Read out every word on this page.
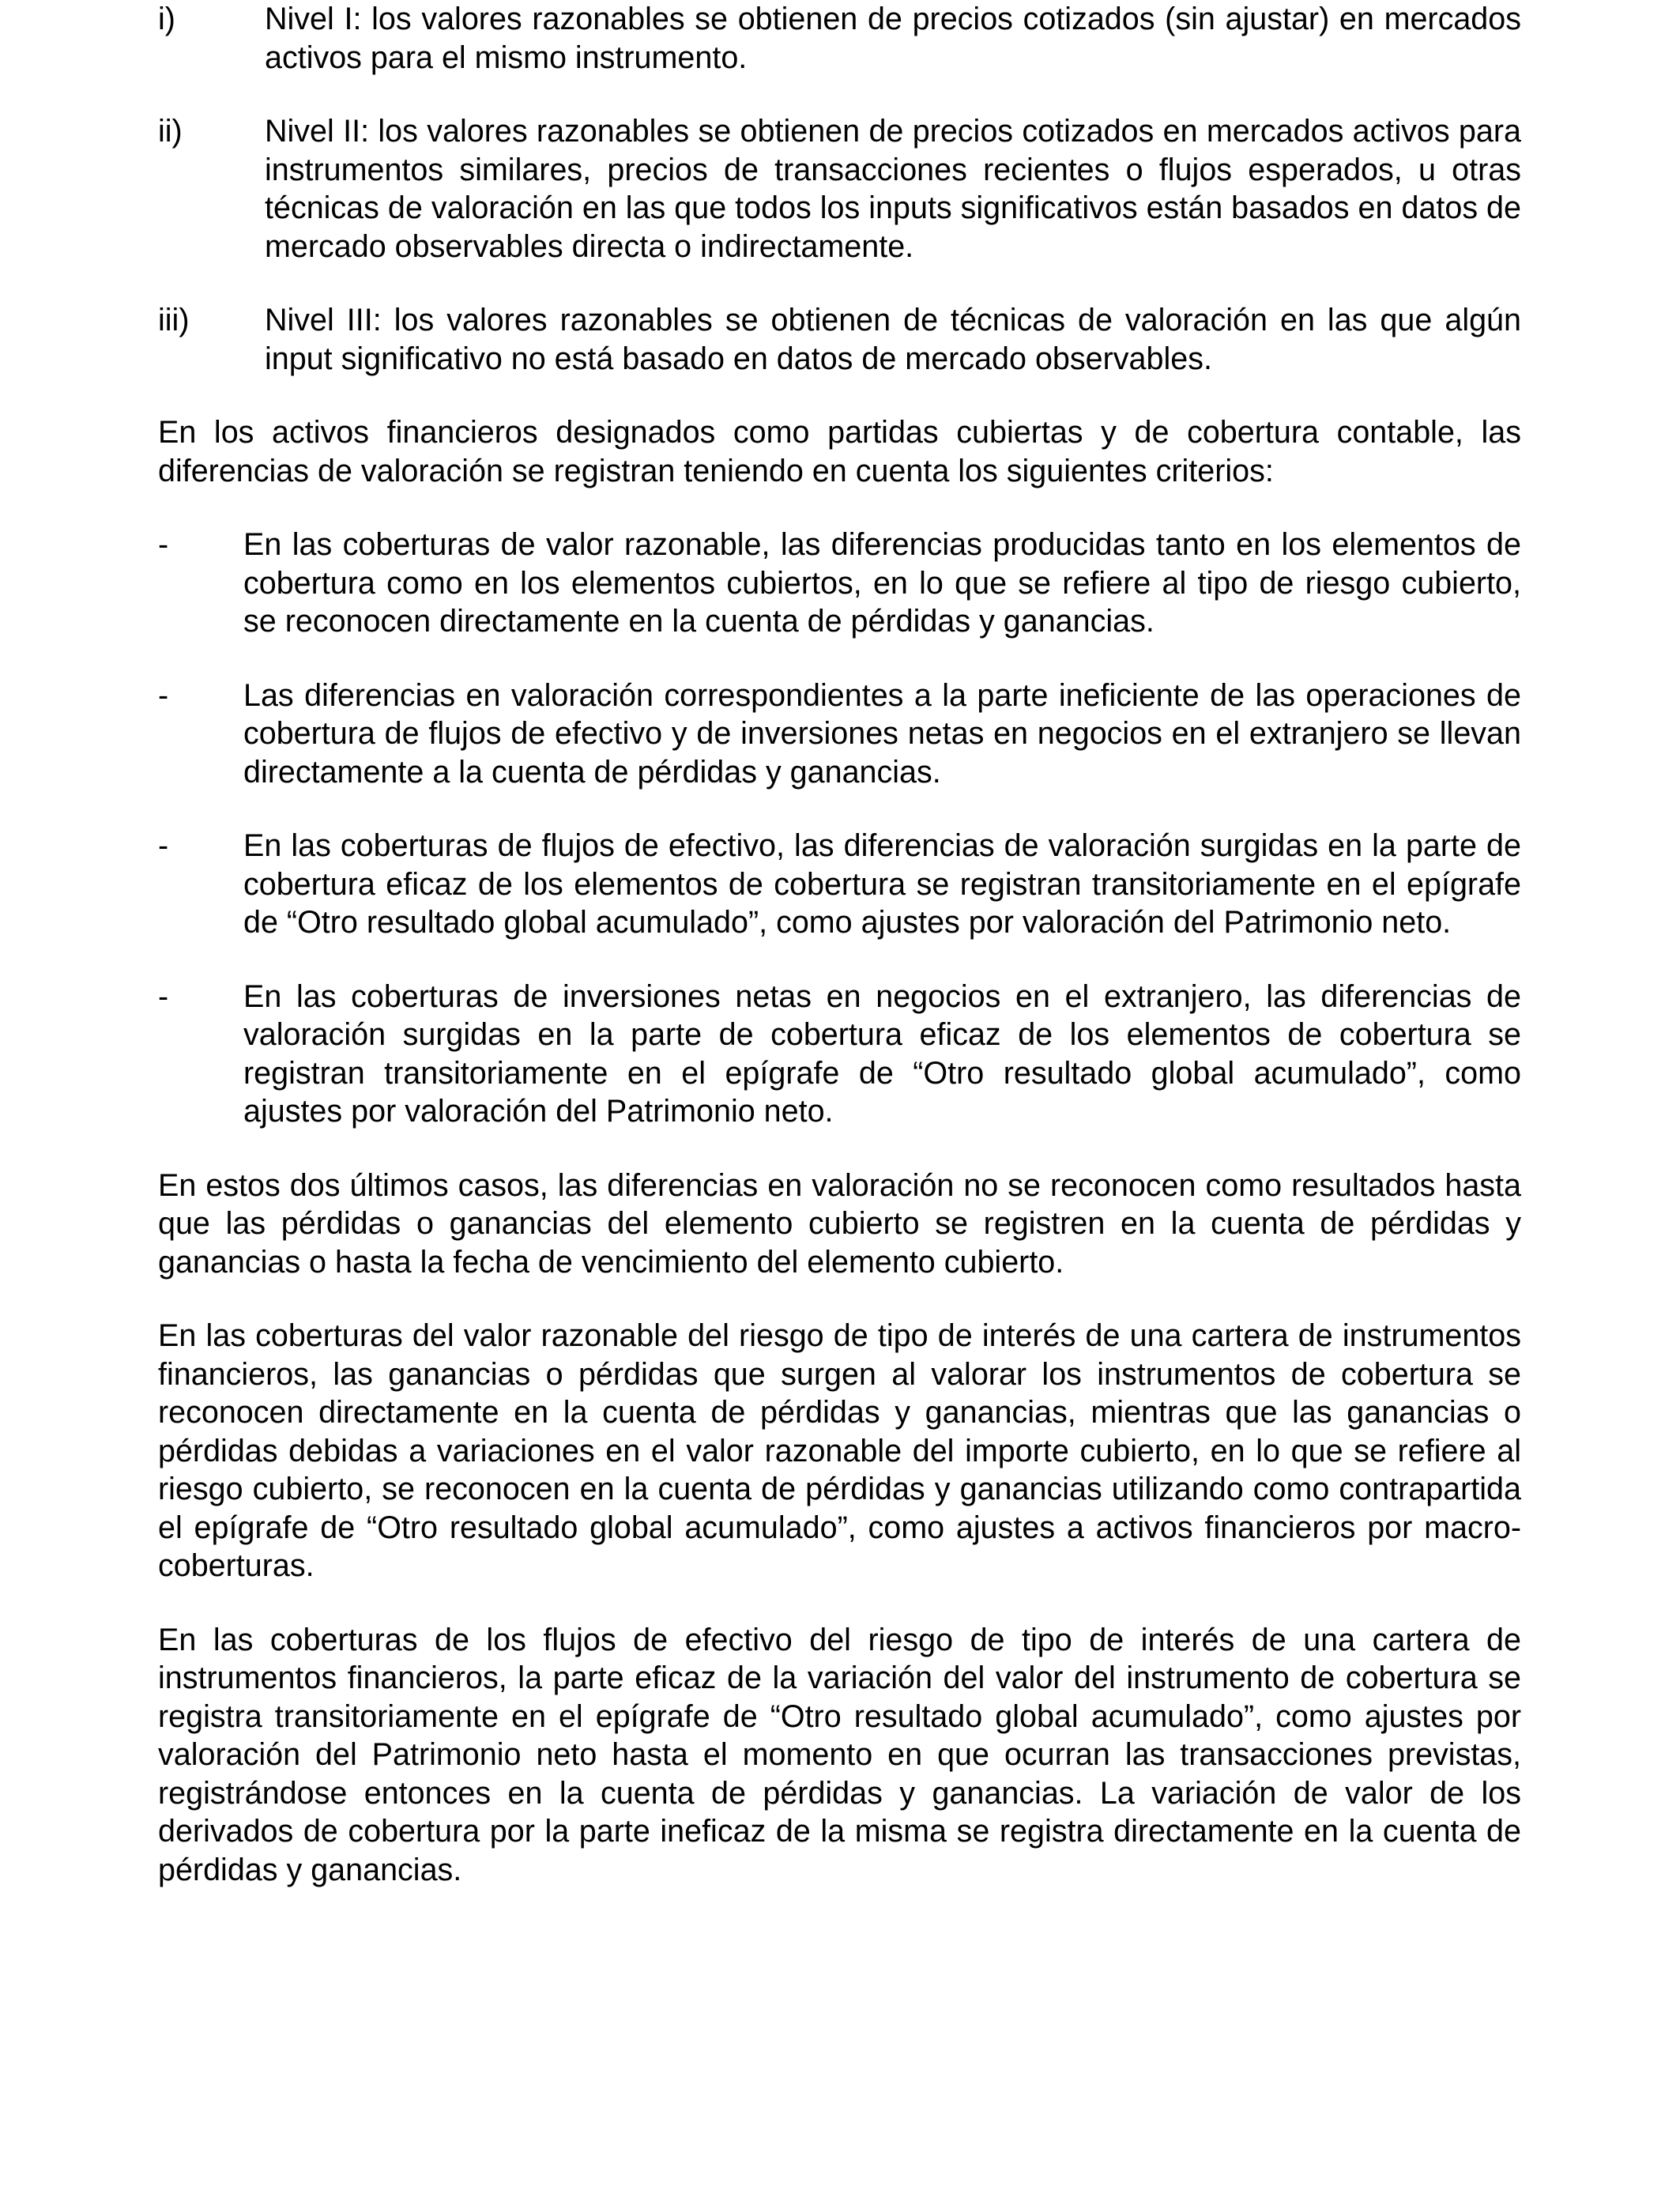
i)	Nivel I: los valores razonables se obtienen de precios cotizados (sin ajustar) en mercados activos para el mismo instrumento.
ii)	Nivel II: los valores razonables se obtienen de precios cotizados en mercados activos para instrumentos similares, precios de transacciones recientes o flujos esperados, u otras técnicas de valoración en las que todos los inputs significativos están basados en datos de mercado observables directa o indirectamente.
iii)	Nivel III: los valores razonables se obtienen de técnicas de valoración en las que algún input significativo no está basado en datos de mercado observables.

En los activos financieros designados como partidas cubiertas y de cobertura contable, las diferencias de valoración se registran teniendo en cuenta los siguientes criterios:

-	En las coberturas de valor razonable, las diferencias producidas tanto en los elementos de cobertura como en los elementos cubiertos, en lo que se refiere al tipo de riesgo cubierto, se reconocen directamente en la cuenta de pérdidas y ganancias.
-	Las diferencias en valoración correspondientes a la parte ineficiente de las operaciones de cobertura de flujos de efectivo y de inversiones netas en negocios en el extranjero se llevan directamente a la cuenta de pérdidas y ganancias.
-	En las coberturas de flujos de efectivo, las diferencias de valoración surgidas en la parte de cobertura eficaz de los elementos de cobertura se registran transitoriamente en el epígrafe de “Otro resultado global acumulado”, como ajustes por valoración del Patrimonio neto.
-	En las coberturas de inversiones netas en negocios en el extranjero, las diferencias de valoración surgidas en la parte de cobertura eficaz de los elementos de cobertura se registran transitoriamente en el epígrafe de “Otro resultado global acumulado”, como ajustes por valoración del Patrimonio neto.

En estos dos últimos casos, las diferencias en valoración no se reconocen como resultados hasta que las pérdidas o ganancias del elemento cubierto se registren en la cuenta de pérdidas y ganancias o hasta la fecha de vencimiento del elemento cubierto.

En las coberturas del valor razonable del riesgo de tipo de interés de una cartera de instrumentos financieros, las ganancias o pérdidas que surgen al valorar los instrumentos de cobertura se reconocen directamente en la cuenta de pérdidas y ganancias, mientras que las ganancias o pérdidas debidas a variaciones en el valor razonable del importe cubierto, en lo que se refiere al riesgo cubierto, se reconocen en la cuenta de pérdidas y ganancias utilizando como contrapartida el epígrafe de “Otro resultado global acumulado”, como ajustes a activos financieros por macro-coberturas.

En las coberturas de los flujos de efectivo del riesgo de tipo de interés de una cartera de instrumentos financieros, la parte eficaz de la variación del valor del instrumento de cobertura se registra transitoriamente en el epígrafe de “Otro resultado global acumulado”, como ajustes por valoración del Patrimonio neto hasta el momento en que ocurran las transacciones previstas, registrándose entonces en la cuenta de pérdidas y ganancias. La variación de valor de los derivados de cobertura por la parte ineficaz de la misma se registra directamente en la cuenta de pérdidas y ganancias.
